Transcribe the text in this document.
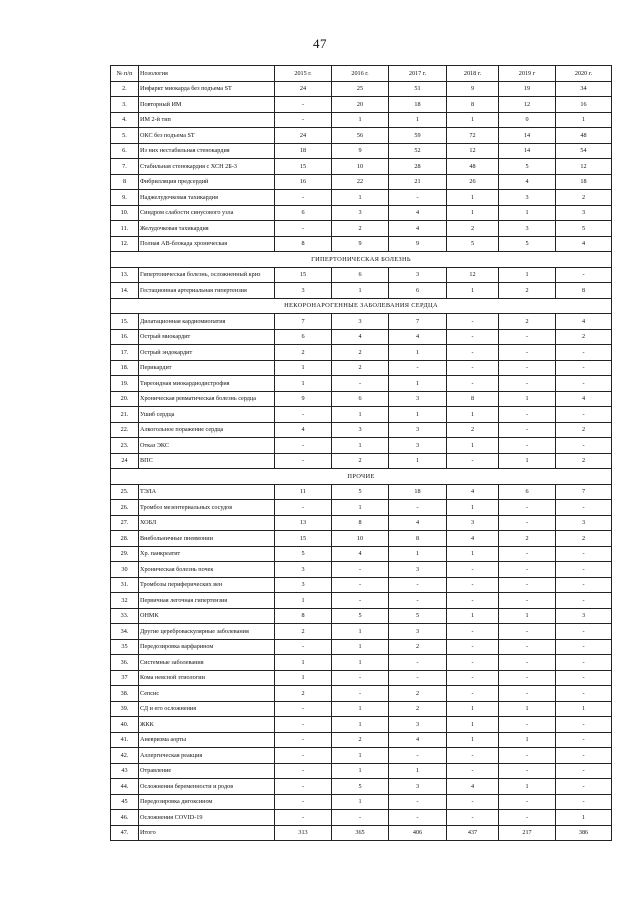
47
№ п/п	Нозология	2015 г.	2016 г.	2017 г.	2018 г.	2019 г	2020 г.
2.	Инфаркт миокарда без подъема ST	24	25	51	9	19	34
3.	Повторный ИМ	-	20	18	8	12	16
4.	ИМ 2-й тип	-	1	1	1	0	1
5.	ОКС без подъема ST	24	56	59	72	14	48
6.	Из них нестабильная стенокардия	18	9	52	12	14	54
7.	Стабильная стенокардия с ХСН 2Б-3	15	10	28	48	5	12
8	Фибрилляция предсердий	16	22	21	26	4	18
9.	Наджелудочковая тахикардия	-	1	-	1	3	2
10.	Синдром слабости синусового узла	6	3	4	1	1	3
11.	Желудочковая тахикардия	-	2	4	2	3	5
12.	Полная АВ-блокада хроническая	8	9	9	5	5	4
ГИПЕРТОНИЧЕСКАЯ БОЛЕЗНЬ							
13.	Гипертоническая болезнь, осложненный криз	15	6	3	12	1	-
14.	Гестационная артериальная гипертензия	3	1	6	1	2	8
НЕКОРОНАРОГЕННЫЕ ЗАБОЛЕВАНИЯ СЕРДЦА							
15.	Дилатационная кардиомиопатия	7	3	7	-	2	4
16.	Острый миокардит	6	4	4	-	-	2
17.	Острый эндокардит	2	2	1	-	-	-
18.	Перикардит	1	2	-	-	-	-
19.	Тиреоидная миокардиодистрофия	1	-	1	-	-	-
20.	Хроническая ревматическая болезнь сердца	9	6	3	8	1	4
21.	Ушиб сердца	-	1	1	1	-	-
22.	Алкогольное поражение сердца	4	3	3	2	-	2
23.	Отказ ЭКС	-	1	3	1	-	-
24	ВПС	-	2	1	-	1	2
ПРОЧИЕ							
25.	ТЭЛА	11	5	18	4	6	7
26.	Тромбоз мезентериальных сосудов	-	1	-	1	-	-
27.	ХОБЛ	13	8	4	3	-	3
28.	Внебольничные пневмонии	15	10	8	4	2	2
29.	Хр. панкреатит	5	4	1	1	-	-
30	Хроническая болезнь почек	3	-	3	-	-	-
31.	Тромбозы периферических вен	3	-	-	-	-	-
32	Первичная легочная гипертензия	1	-	-	-	-	-
33.	ОНМК	8	5	5	1	1	3
34.	Другие цереброваскулярные заболевания	2	1	3	-	-	-
35	Передозировка варфарином	-	1	2	-	-	-
36.	Системные заболевания	1	1	-	-	-	-
37	Кома неясной этиологии	1	-	-	-	-	-
38.	Сепсис	2	-	2	-	-	-
39.	СД и его осложнения	-	1	2	1	1	1
40.	ЖКК	-	1	3	1	-	-
41.	Аневризма аорты	-	2	4	1	1	-
42.	Аллергическая реакция	-	1	-	-	-	-
43	Отравление	-	1	1	-	-	-
44.	Осложнения беременности и родов	-	5	3	4	1	-
45	Передозировка дигоксином	-	1	-	-	-	-
46.	Осложнения COVID-19	-	-	-	-	-	1
47.	Итого	313	365	406	437	217	386
